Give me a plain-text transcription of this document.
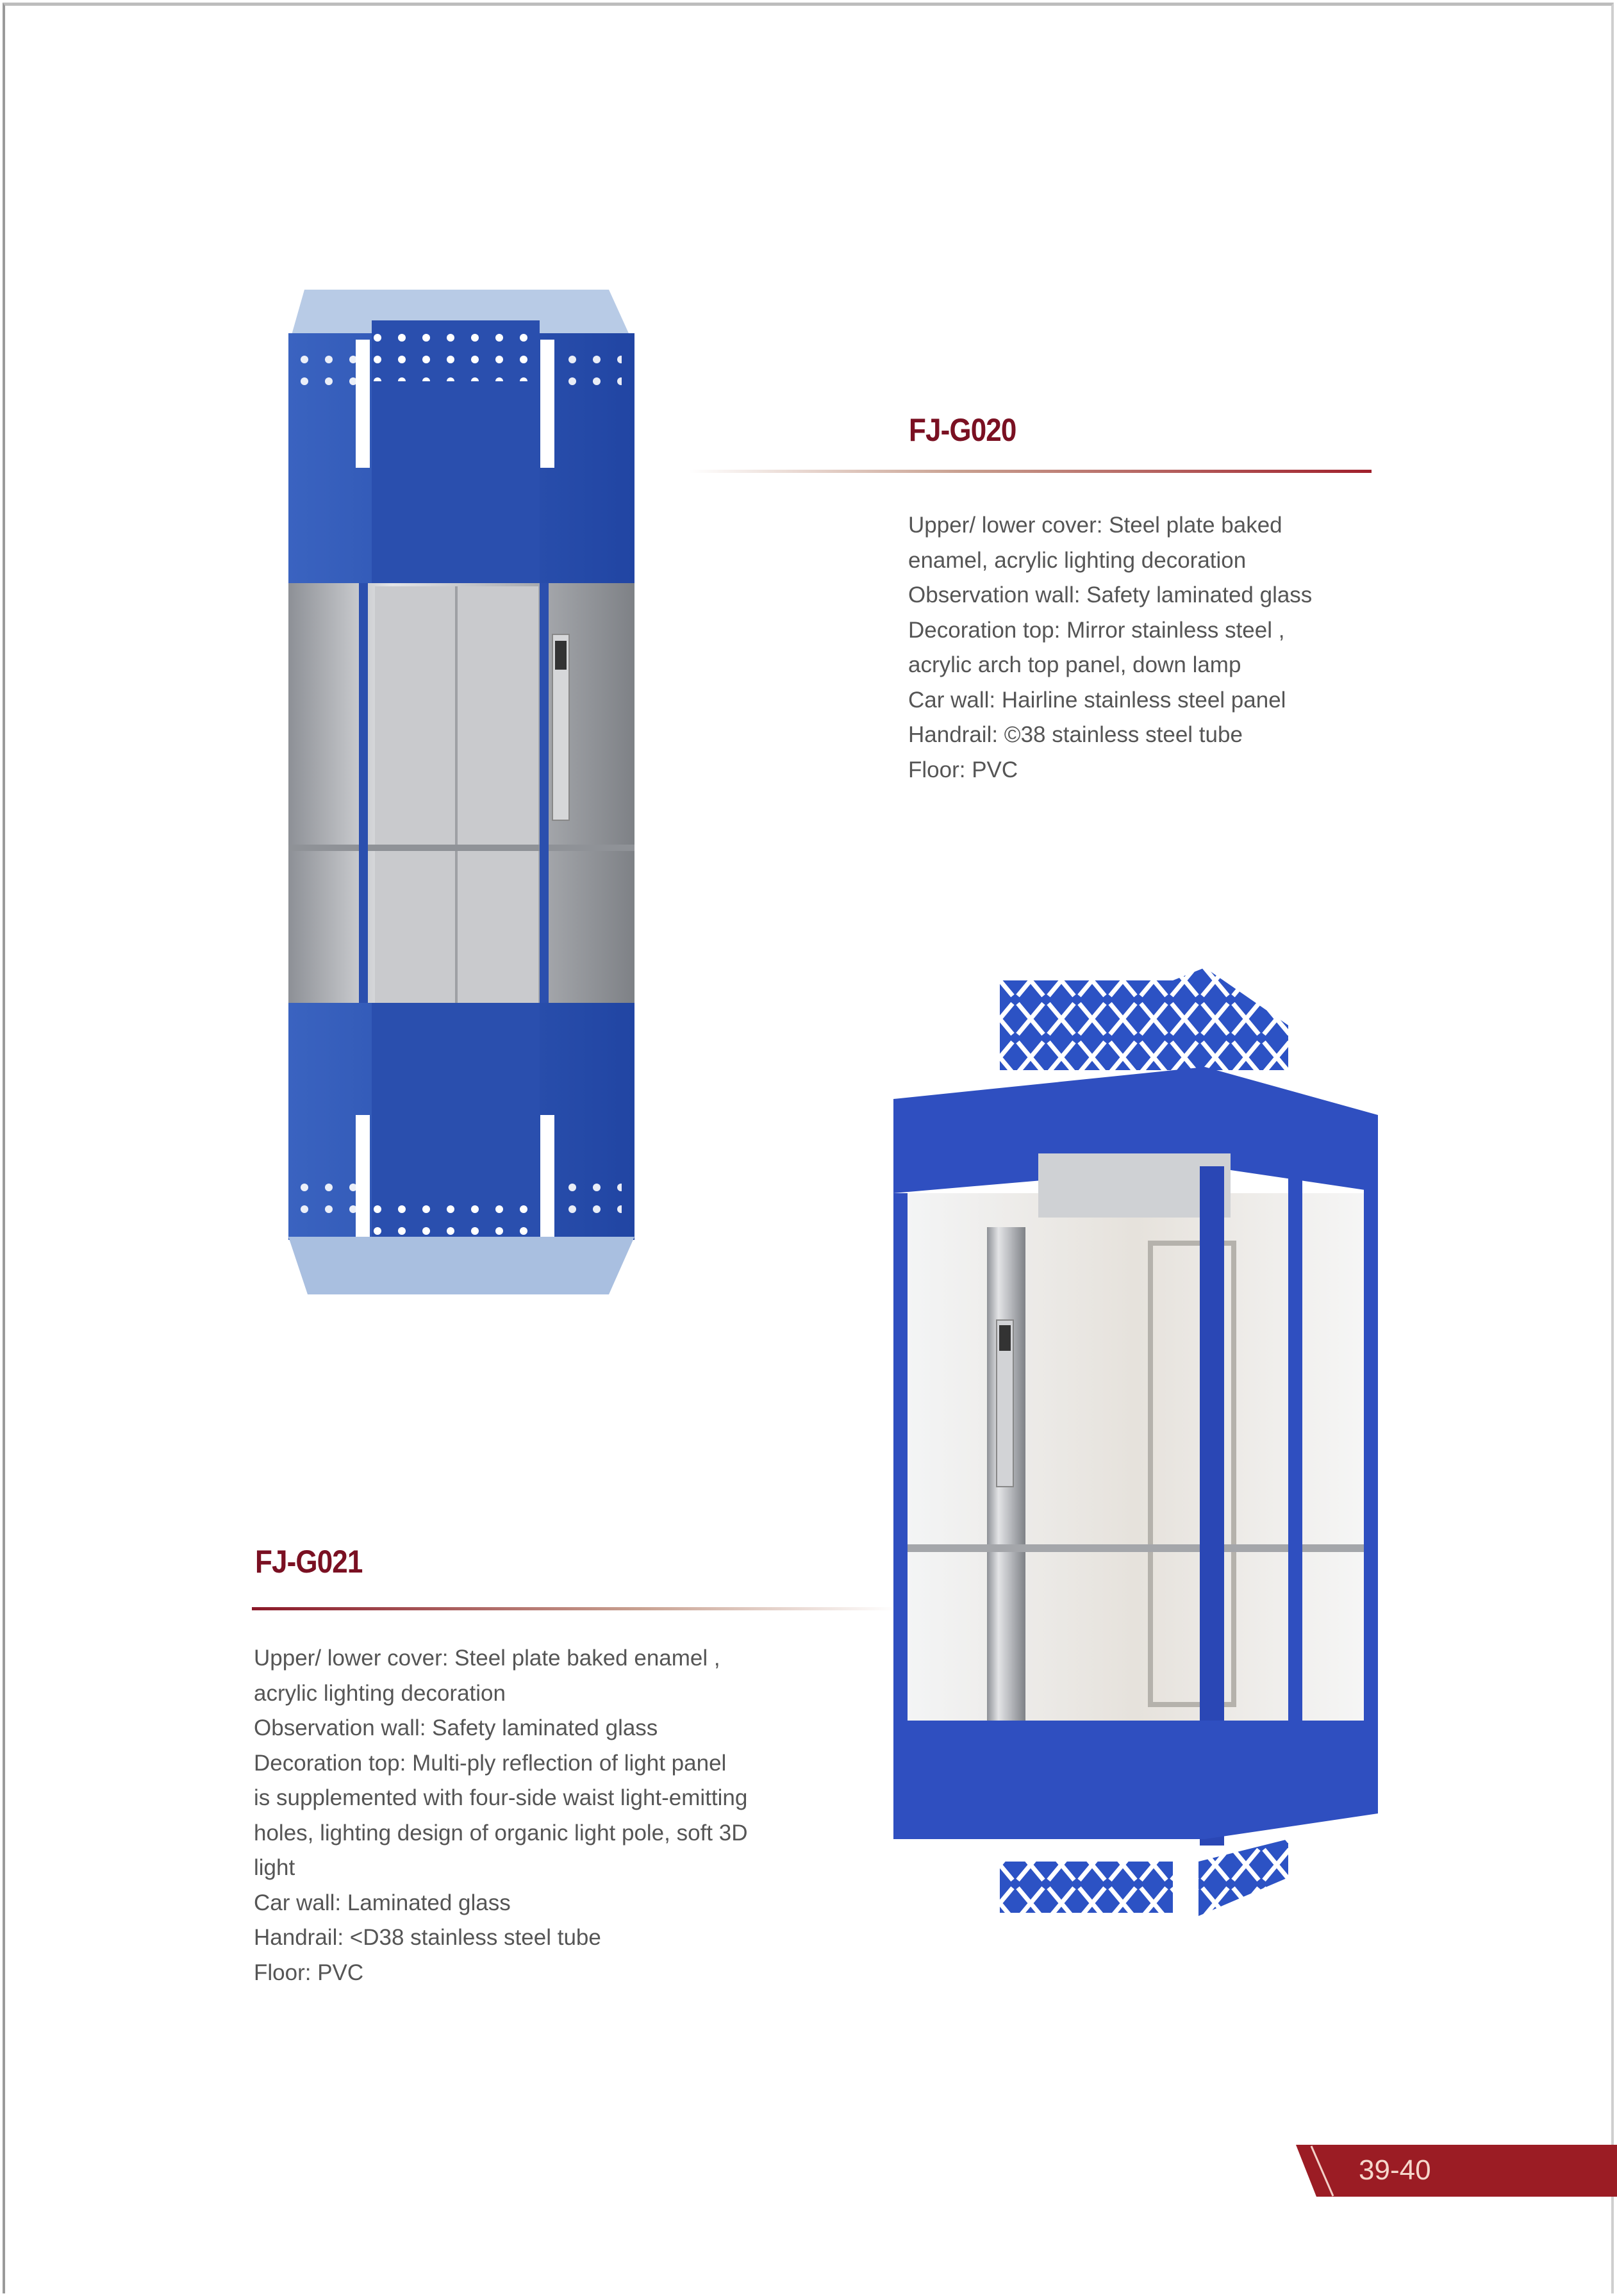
FJ-G020
Upper/ lower cover: Steel plate baked
enamel, acrylic lighting decoration
Observation wall: Safety laminated glass
Decoration top: Mirror stainless steel ,
acrylic arch top panel, down lamp
Car wall: Hairline stainless steel panel
Handrail: ©38 stainless steel tube
Floor: PVC
FJ-G021
Upper/ lower cover: Steel plate baked enamel ,
acrylic lighting decoration
Observation wall: Safety laminated glass
Decoration top: Multi-ply reflection of light panel
is supplemented with four-side waist light-emitting
holes, lighting design of organic light pole, soft 3D
light
Car wall: Laminated glass
Handrail: <D38 stainless steel tube
Floor: PVC
39-40
